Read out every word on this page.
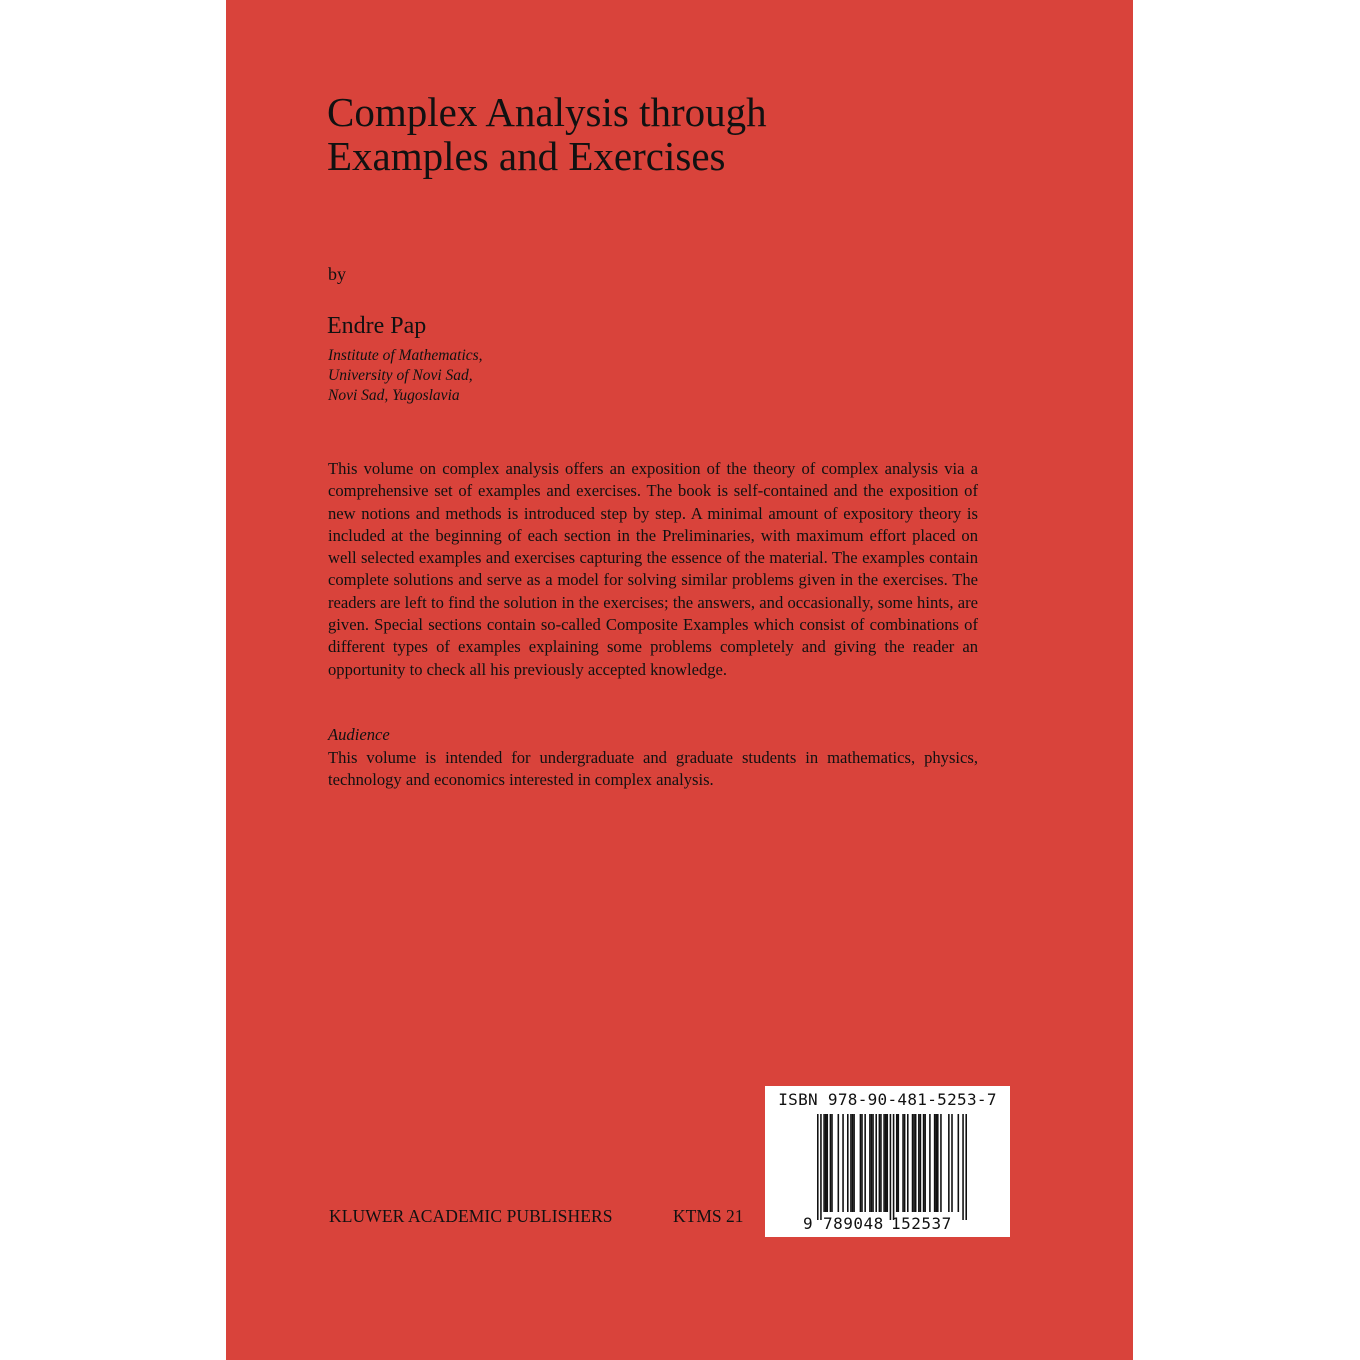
Complex Analysis through
Examples and Exercises
by
Endre Pap
Institute of Mathematics,
University of Novi Sad,
Novi Sad, Yugoslavia

This volume on complex analysis offers an exposition of the theory of complex analysis via a comprehensive set of examples and exercises. The book is self-contained and the exposition of new notions and methods is introduced step by step. A minimal amount of expository theory is included at the beginning of each section in the Preliminaries, with maximum effort placed on well selected examples and exercises capturing the essence of the material. The examples contain complete solutions and serve as a model for solving similar problems given in the exercises. The readers are left to find the solution in the exercises; the answers, and occasionally, some hints, are given. Special sections contain so-called Composite Examples which consist of combinations of different types of examples explaining some problems completely and giving the reader an opportunity to check all his previously accepted knowledge.

Audience

This volume is intended for undergraduate and graduate students in mathematics, physics, technology and economics interested in complex analysis.

KLUWER ACADEMIC PUBLISHERS	KTMS 21
ISBN 978-90-481-5253-7
9 789048 152537
